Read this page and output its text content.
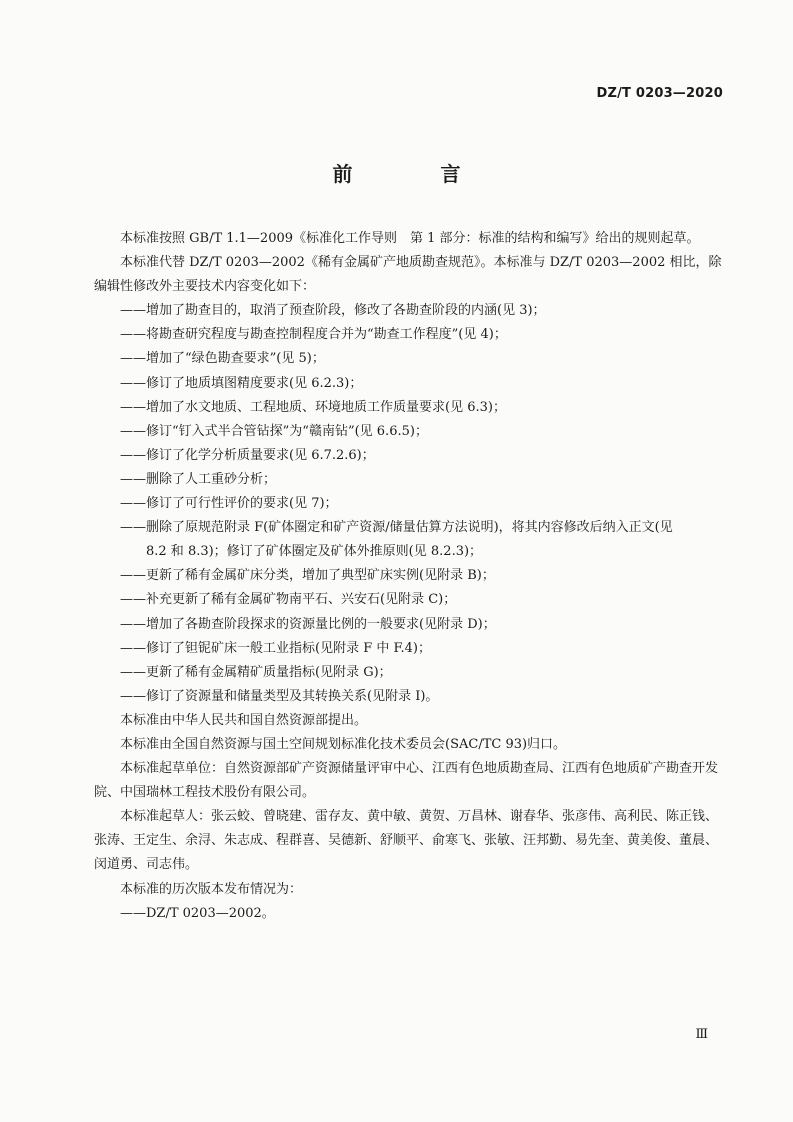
DZ/T 0203—2020
前　言
本标准按照 GB/T 1.1—2009《标准化工作导则　第 1 部分：标准的结构和编写》给出的规则起草。
本标准代替 DZ/T 0203—2002《稀有金属矿产地质勘查规范》。本标准与 DZ/T 0203—2002 相比，除编辑性修改外主要技术内容变化如下：
——增加了勘查目的，取消了预查阶段，修改了各勘查阶段的内涵(见 3)；
——将勘查研究程度与勘查控制程度合并为“勘查工作程度”(见 4)；
——增加了“绿色勘查要求”(见 5)；
——修订了地质填图精度要求(见 6.2.3)；
——增加了水文地质、工程地质、环境地质工作质量要求(见 6.3)；
——修订“钉入式半合管钻探”为“赣南钻”(见 6.6.5)；
——修订了化学分析质量要求(见 6.7.2.6)；
——删除了人工重砂分析；
——修订了可行性评价的要求(见 7)；
——删除了原规范附录 F(矿体圈定和矿产资源/储量估算方法说明)，将其内容修改后纳入正文(见
8.2 和 8.3)；修订了矿体圈定及矿体外推原则(见 8.2.3)；
——更新了稀有金属矿床分类，增加了典型矿床实例(见附录 B)；
——补充更新了稀有金属矿物南平石、兴安石(见附录 C)；
——增加了各勘查阶段探求的资源量比例的一般要求(见附录 D)；
——修订了钽铌矿床一般工业指标(见附录 F 中 F.4)；
——更新了稀有金属精矿质量指标(见附录 G)；
——修订了资源量和储量类型及其转换关系(见附录 I)。
本标准由中华人民共和国自然资源部提出。
本标准由全国自然资源与国土空间规划标准化技术委员会(SAC/TC 93)归口。
本标准起草单位：自然资源部矿产资源储量评审中心、江西有色地质勘查局、江西有色地质矿产勘查开发院、中国瑞林工程技术股份有限公司。
本标准起草人：张云蛟、曾晓建、雷存友、黄中敏、黄贺、万昌林、谢春华、张彦伟、高利民、陈正钱、张涛、王定生、余浔、朱志成、程群喜、吴德新、舒顺平、俞寒飞、张敏、汪邦勤、易先奎、黄美俊、董晨、闵道勇、司志伟。
本标准的历次版本发布情况为：
——DZ/T 0203—2002。
Ⅲ
